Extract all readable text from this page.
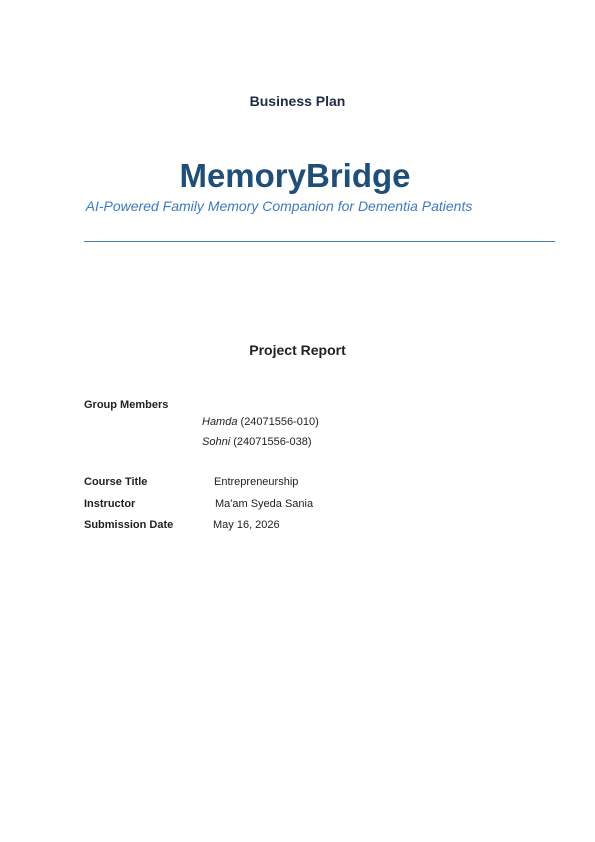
Business Plan
MemoryBridge
AI-Powered Family Memory Companion for Dementia Patients
Project Report
Group Members
Hamda (24071556-010)
Sohni (24071556-038)
Course Title	Entrepreneurship
Instructor	Ma'am Syeda Sania
Submission Date	May 16, 2026
